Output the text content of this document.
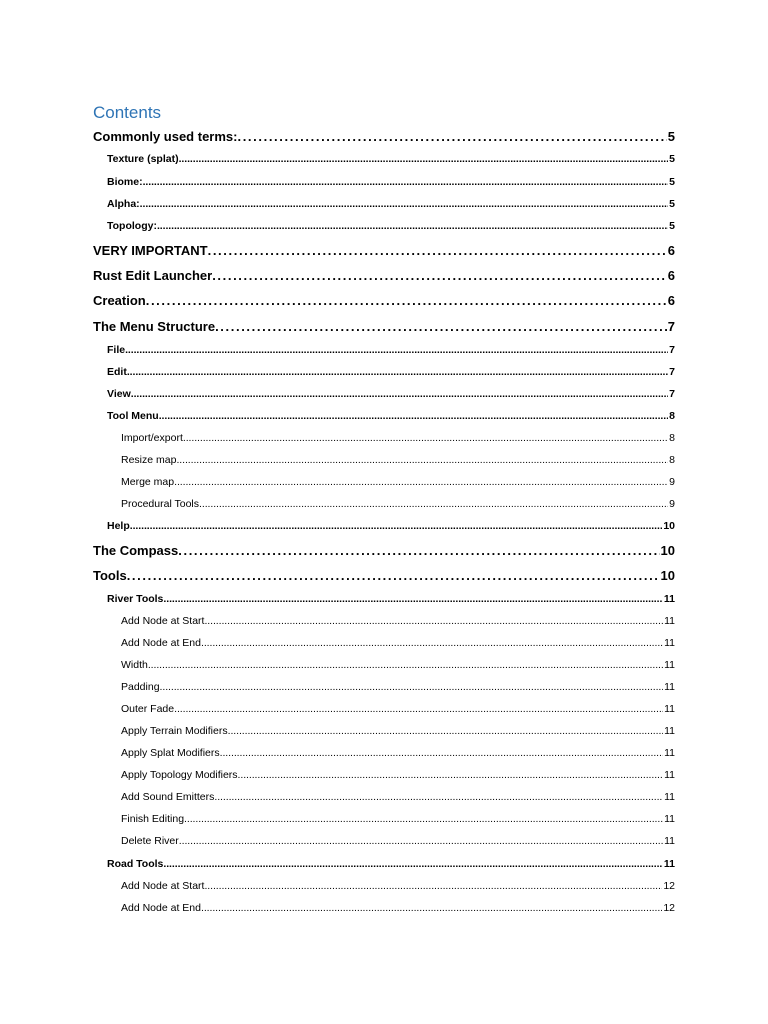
Contents
Commonly used terms: . . .	5
Texture (splat) . . .	5
Biome: . . .	5
Alpha: . . .	5
Topology: . . .	5
VERY IMPORTANT . . .	6
Rust Edit Launcher . . .	6
Creation . . .	6
The Menu Structure . . .	7
File . . .	7
Edit . . .	7
View . . .	7
Tool Menu . . .	8
Import/export . . .	8
Resize map . . .	8
Merge map . . .	9
Procedural Tools . . .	9
Help . . .	10
The Compass . . .	10
Tools . . .	10
River Tools . . .	11
Add Node at Start . . .	11
Add Node at End . . .	11
Width . . .	11
Padding . . .	11
Outer Fade . . .	11
Apply Terrain Modifiers . . .	11
Apply Splat Modifiers . . .	11
Apply Topology Modifiers . . .	11
Add Sound Emitters . . .	11
Finish Editing . . .	11
Delete River . . .	11
Road Tools . . .	11
Add Node at Start . . .	12
Add Node at End . . .	12
